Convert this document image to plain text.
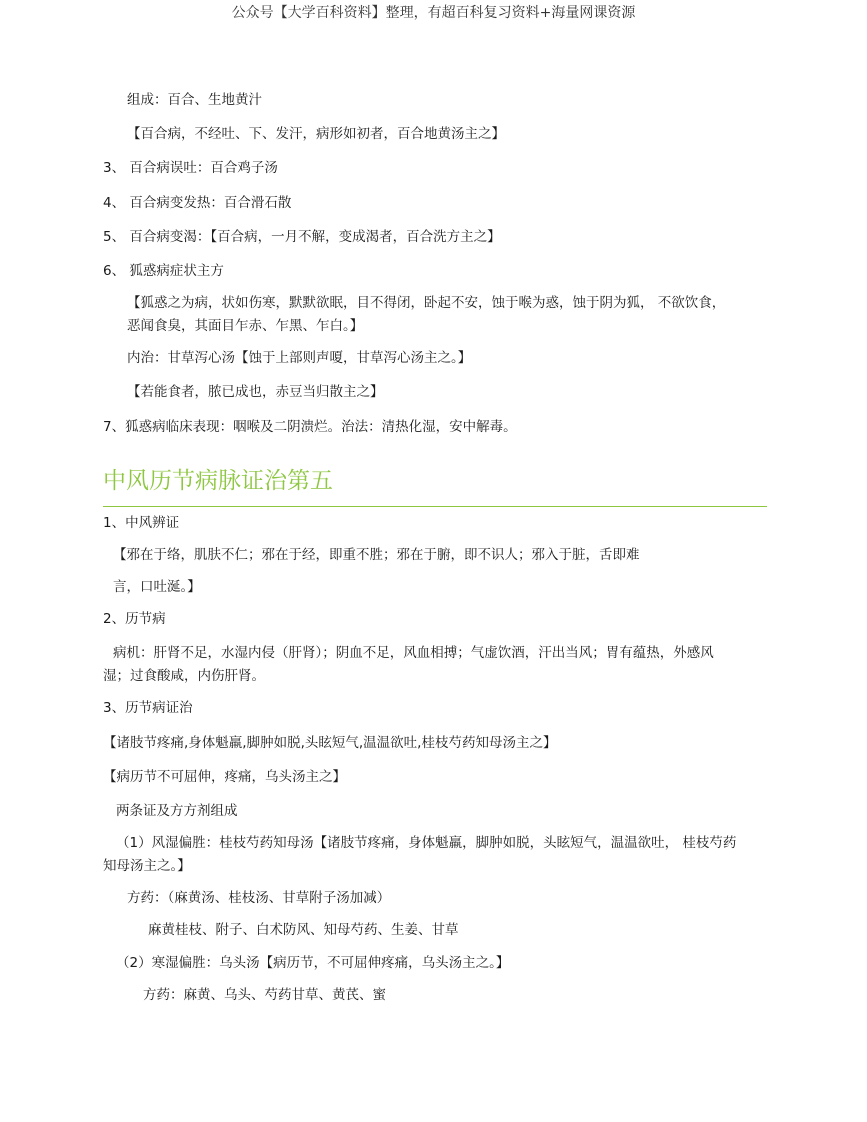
公众号【大学百科资料】整理，有超百科复习资料+海量网课资源
组成：百合、生地黄汁
【百合病，不经吐、下、发汗，病形如初者，百合地黄汤主之】
3、 百合病误吐：百合鸡子汤
4、 百合病变发热：百合滑石散
5、 百合病变渴：【百合病，一月不解，变成渴者，百合洗方主之】
6、 狐惑病症状主方
【狐惑之为病，状如伤寒，默默欲眠，目不得闭，卧起不安，蚀于喉为惑，蚀于阴为狐， 不欲饮食，
恶闻食臭，其面目乍赤、乍黑、乍白。】
内治：甘草泻心汤【蚀于上部则声嗄，甘草泻心汤主之。】
【若能食者，脓已成也，赤豆当归散主之】
7、狐惑病临床表现：咽喉及二阴溃烂。治法：清热化湿，安中解毒。
中风历节病脉证治第五
1、中风辨证
【邪在于络，肌肤不仁；邪在于经，即重不胜；邪在于腑，即不识人；邪入于脏，舌即难
言，口吐涎。】
2、历节病
病机：肝肾不足，水湿内侵（肝肾）；阴血不足，风血相搏；气虚饮酒，汗出当风；胃有蕴热，外感风
湿；过食酸咸，内伤肝肾。
3、历节病证治
【诸肢节疼痛,身体魁羸,脚肿如脱,头眩短气,温温欲吐,桂枝芍药知母汤主之】
【病历节不可屈伸，疼痛，乌头汤主之】
两条证及方方剂组成
（1）风湿偏胜：桂枝芍药知母汤【诸肢节疼痛，身体魁羸，脚肿如脱，头眩短气，温温欲吐， 桂枝芍药
知母汤主之。】
方药：（麻黄汤、桂枝汤、甘草附子汤加减）
麻黄桂枝、附子、白术防风、知母芍药、生姜、甘草
（2）寒湿偏胜：乌头汤【病历节，不可屈伸疼痛，乌头汤主之。】
方药：麻黄、乌头、芍药甘草、黄芪、蜜
